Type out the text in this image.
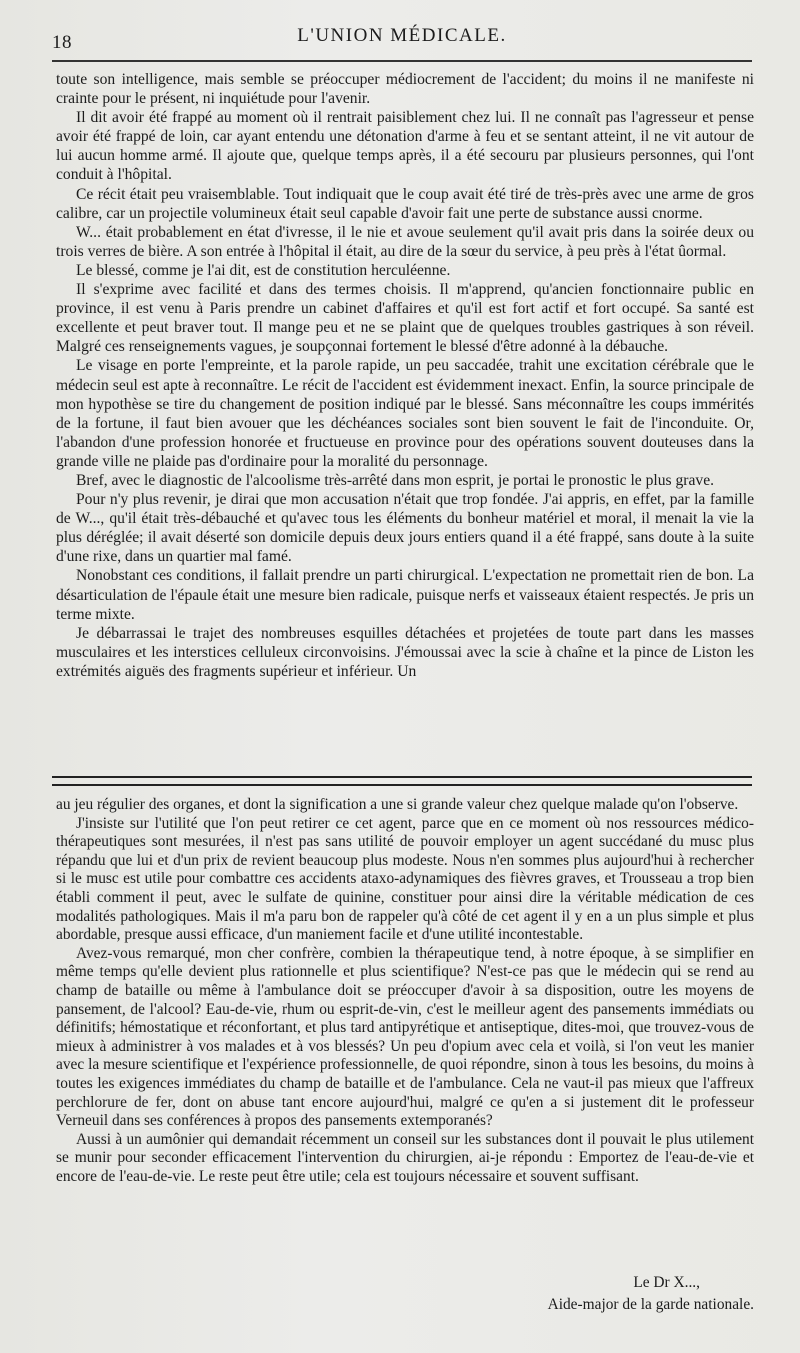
18	L'UNION MÉDICALE.

toute son intelligence, mais semble se préoccuper médiocrement de l'accident; du moins il ne manifeste ni crainte pour le présent, ni inquiétude pour l'avenir.

Il dit avoir été frappé au moment où il rentrait paisiblement chez lui. Il ne connaît pas l'agresseur et pense avoir été frappé de loin, car ayant entendu une détonation d'arme à feu et se sentant atteint, il ne vit autour de lui aucun homme armé. Il ajoute que, quelque temps après, il a été secouru par plusieurs personnes, qui l'ont conduit à l'hôpital.

Ce récit était peu vraisemblable. Tout indiquait que le coup avait été tiré de très-près avec une arme de gros calibre, car un projectile volumineux était seul capable d'avoir fait une perte de substance aussi cnorme.

W... était probablement en état d'ivresse, il le nie et avoue seulement qu'il avait pris dans la soirée deux ou trois verres de bière. A son entrée à l'hôpital il était, au dire de la sœur du service, à peu près à l'état ûormal.

Le blessé, comme je l'ai dit, est de constitution herculéenne.

Il s'exprime avec facilité et dans des termes choisis. Il m'apprend, qu'ancien fonctionnaire public en province, il est venu à Paris prendre un cabinet d'affaires et qu'il est fort actif et fort occupé. Sa santé est excellente et peut braver tout. Il mange peu et ne se plaint que de quelques troubles gastriques à son réveil. Malgré ces renseignements vagues, je soupçonnai fortement le blessé d'être adonné à la débauche.

Le visage en porte l'empreinte, et la parole rapide, un peu saccadée, trahit une excitation cérébrale que le médecin seul est apte à reconnaître. Le récit de l'accident est évidemment inexact. Enfin, la source principale de mon hypothèse se tire du changement de position indiqué par le blessé. Sans méconnaître les coups immérités de la fortune, il faut bien avouer que les déchéances sociales sont bien souvent le fait de l'inconduite. Or, l'abandon d'une profession honorée et fructueuse en province pour des opérations souvent douteuses dans la grande ville ne plaide pas d'ordinaire pour la moralité du personnage.

Bref, avec le diagnostic de l'alcoolisme très-arrêté dans mon esprit, je portai le pronostic le plus grave.

Pour n'y plus revenir, je dirai que mon accusation n'était que trop fondée. J'ai appris, en effet, par la famille de W..., qu'il était très-débauché et qu'avec tous les éléments du bonheur matériel et moral, il menait la vie la plus déréglée; il avait déserté son domicile depuis deux jours entiers quand il a été frappé, sans doute à la suite d'une rixe, dans un quartier mal famé.

Nonobstant ces conditions, il fallait prendre un parti chirurgical. L'expectation ne promettait rien de bon. La désarticulation de l'épaule était une mesure bien radicale, puisque nerfs et vaisseaux étaient respectés. Je pris un terme mixte.

Je débarrassai le trajet des nombreuses esquilles détachées et projetées de toute part dans les masses musculaires et les interstices celluleux circonvoisins. J'émoussai avec la scie à chaîne et la pince de Liston les extrémités aiguës des fragments supérieur et inférieur. Un

au jeu régulier des organes, et dont la signification a une si grande valeur chez quelque malade qu'on l'observe.

J'insiste sur l'utilité que l'on peut retirer ce cet agent, parce que en ce moment où nos ressources médico-thérapeutiques sont mesurées, il n'est pas sans utilité de pouvoir employer un agent succédané du musc plus répandu que lui et d'un prix de revient beaucoup plus modeste. Nous n'en sommes plus aujourd'hui à rechercher si le musc est utile pour combattre ces accidents ataxo-adynamiques des fièvres graves, et Trousseau a trop bien établi comment il peut, avec le sulfate de quinine, constituer pour ainsi dire la véritable médication de ces modalités pathologiques. Mais il m'a paru bon de rappeler qu'à côté de cet agent il y en a un plus simple et plus abordable, presque aussi efficace, d'un maniement facile et d'une utilité incontestable.

Avez-vous remarqué, mon cher confrère, combien la thérapeutique tend, à notre époque, à se simplifier en même temps qu'elle devient plus rationnelle et plus scientifique? N'est-ce pas que le médecin qui se rend au champ de bataille ou même à l'ambulance doit se préoccuper d'avoir à sa disposition, outre les moyens de pansement, de l'alcool? Eau-de-vie, rhum ou esprit-de-vin, c'est le meilleur agent des pansements immédiats ou définitifs; hémostatique et réconfortant, et plus tard antipyrétique et antiseptique, dites-moi, que trouvez-vous de mieux à administrer à vos malades et à vos blessés? Un peu d'opium avec cela et voilà, si l'on veut les manier avec la mesure scientifique et l'expérience professionnelle, de quoi répondre, sinon à tous les besoins, du moins à toutes les exigences immédiates du champ de bataille et de l'ambulance. Cela ne vaut-il pas mieux que l'affreux perchlorure de fer, dont on abuse tant encore aujourd'hui, malgré ce qu'en a si justement dit le professeur Verneuil dans ses conférences à propos des pansements extemporanés?

Aussi à un aumônier qui demandait récemment un conseil sur les substances dont il pouvait le plus utilement se munir pour seconder efficacement l'intervention du chirurgien, ai-je répondu : Emportez de l'eau-de-vie et encore de l'eau-de-vie. Le reste peut être utile; cela est toujours nécessaire et souvent suffisant.

Le Dr X...,
Aide-major de la garde nationale.
